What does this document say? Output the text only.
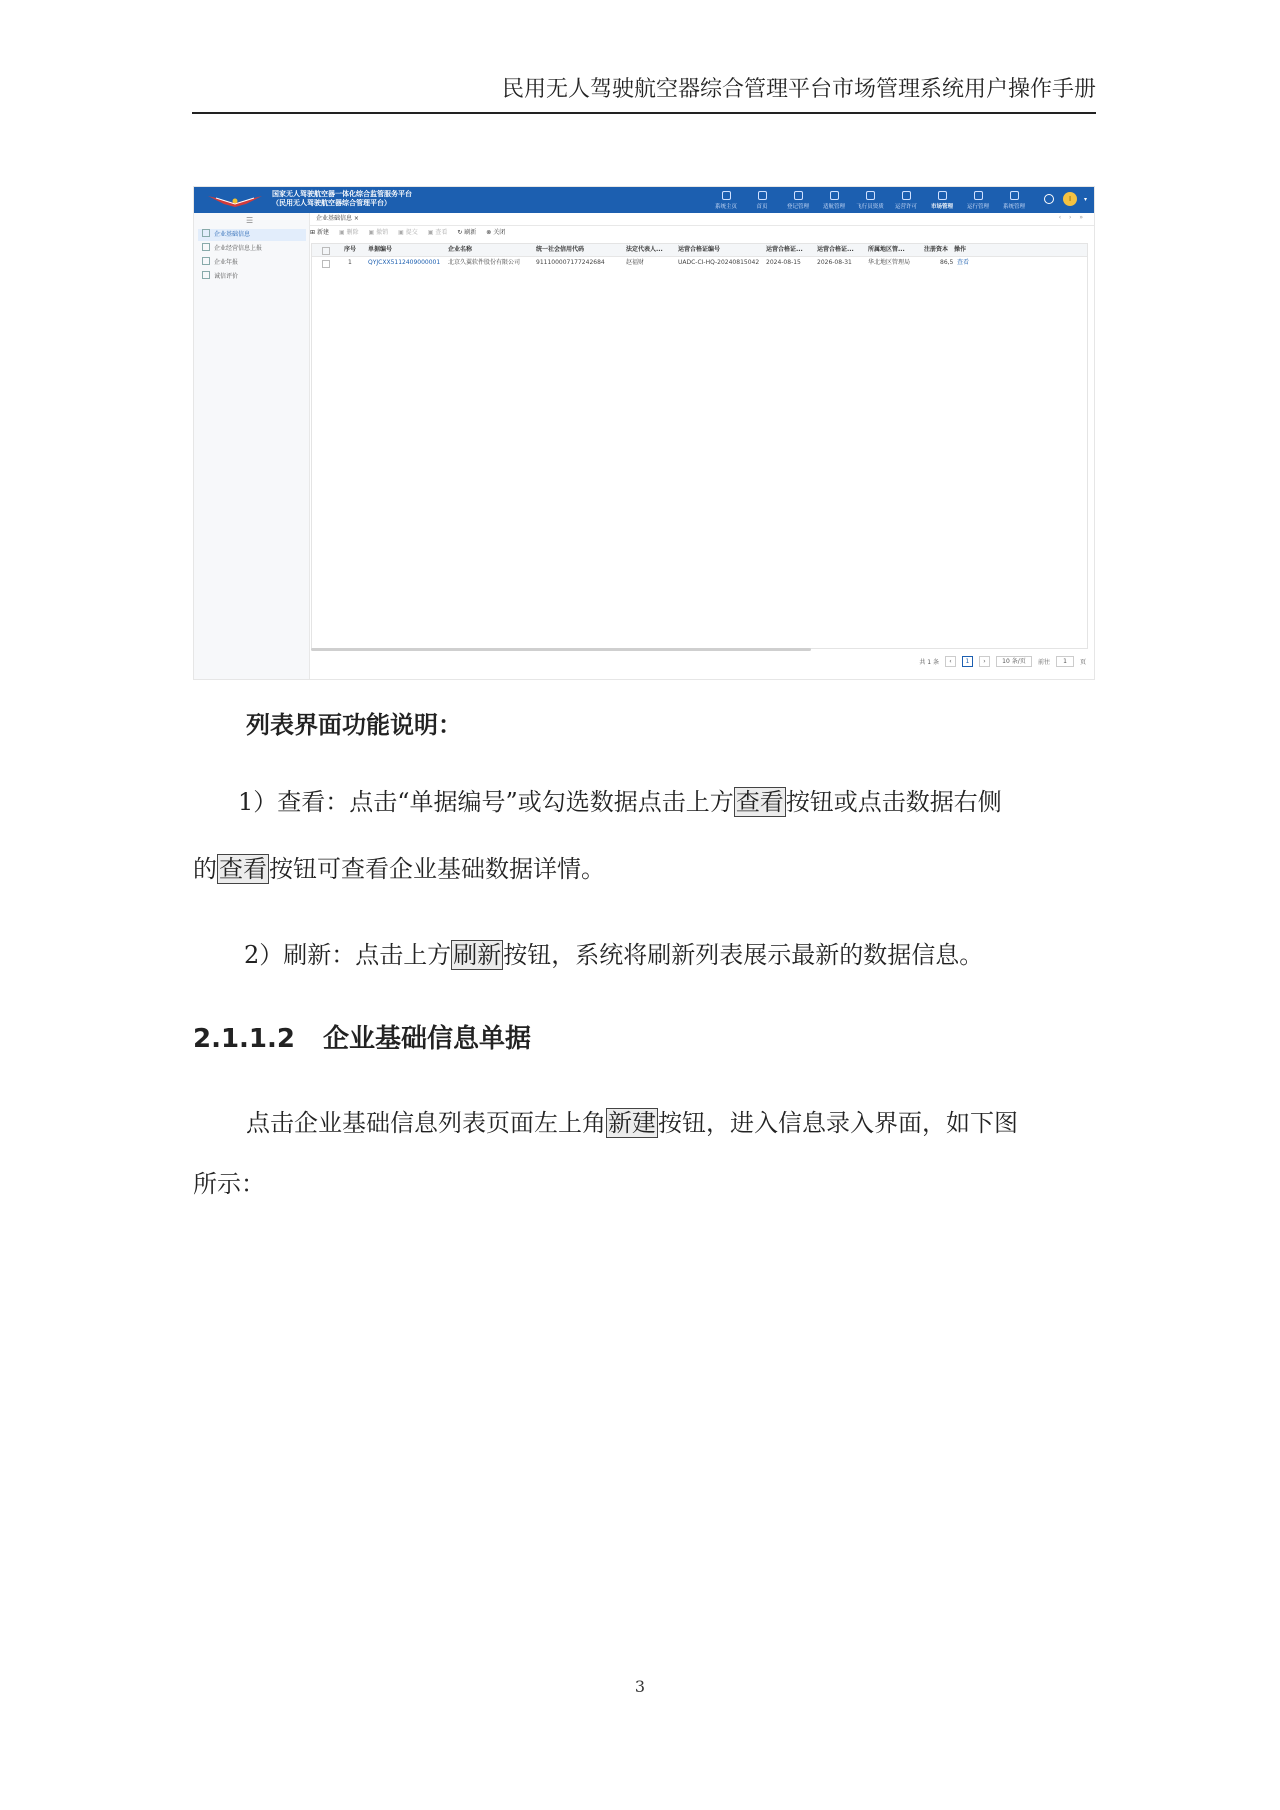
民用无人驾驶航空器综合管理平台市场管理系统用户操作手册
国家无人驾驶航空器一体化综合监管服务平台
（民用无人驾驶航空器综合管理平台）	系统主页	首页	登记管理	适航管理	飞行员资质	运营许可	市场管理	运行管理	系统管理
I	▾
☰
企业基础信息
企业经营信息上报
企业年报
诚信评价
企业基础信息 ×	‹ › »
⊞ 新建 ▣ 删除 ▣ 撤销 ▣ 提交 ▣ 查看 ↻ 刷新 ⊗ 关闭
序号 单据编号	企业名称	统一社会信用代码	法定代表人...	运营合格证编号	运营合格证... 运营合格证... 所属地区管...	注册资本 操作
1	QYJCXX5112409000001 北京久翼软件股份有限公司	911100007177242684	赵福财	UADC-CI-HQ-20240815042 2024-08-15	2026-08-31	华北地区管理局	86,5 查看
共 1 条	‹	1	›	10 条/页	前往	1	页
列表界面功能说明：
1）查看：点击“单据编号”或勾选数据点击上方查看按钮或点击数据右侧
的查看按钮可查看企业基础数据详情。
2）刷新：点击上方刷新按钮，系统将刷新列表展示最新的数据信息。
2.1.1.2 企业基础信息单据
点击企业基础信息列表页面左上角新建按钮，进入信息录入界面，如下图
所示：
3
